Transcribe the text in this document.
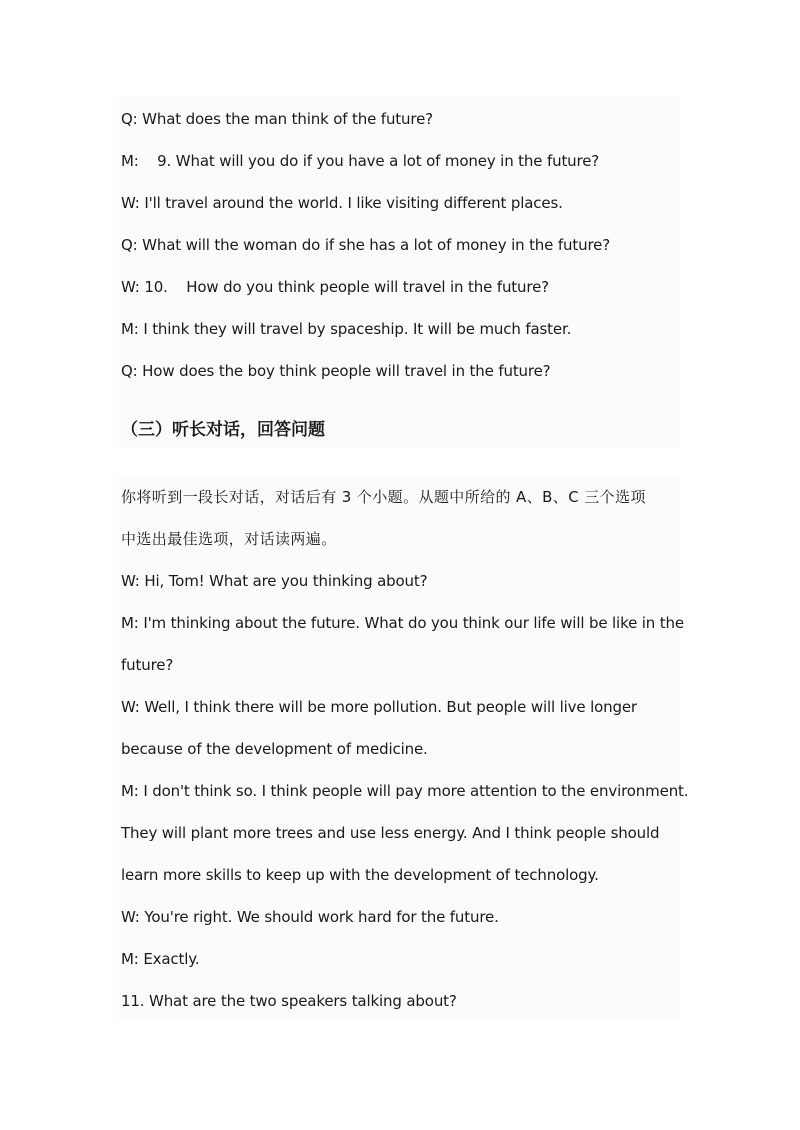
Q: What does the man think of the future?
M:    9. What will you do if you have a lot of money in the future?
W: I'll travel around the world. I like visiting different places.
Q: What will the woman do if she has a lot of money in the future?
W: 10.    How do you think people will travel in the future?
M: I think they will travel by spaceship. It will be much faster.
Q: How does the boy think people will travel in the future?
（三）听长对话，回答问题
你将听到一段长对话，对话后有 3 个小题。从题中所给的 A、B、C 三个选项
中选出最佳选项，对话读两遍。
W: Hi, Tom! What are you thinking about?
M: I'm thinking about the future. What do you think our life will be like in the
future?
W: Well, I think there will be more pollution. But people will live longer
because of the development of medicine.
M: I don't think so. I think people will pay more attention to the environment.
They will plant more trees and use less energy. And I think people should
learn more skills to keep up with the development of technology.
W: You're right. We should work hard for the future.
M: Exactly.
11. What are the two speakers talking about?
